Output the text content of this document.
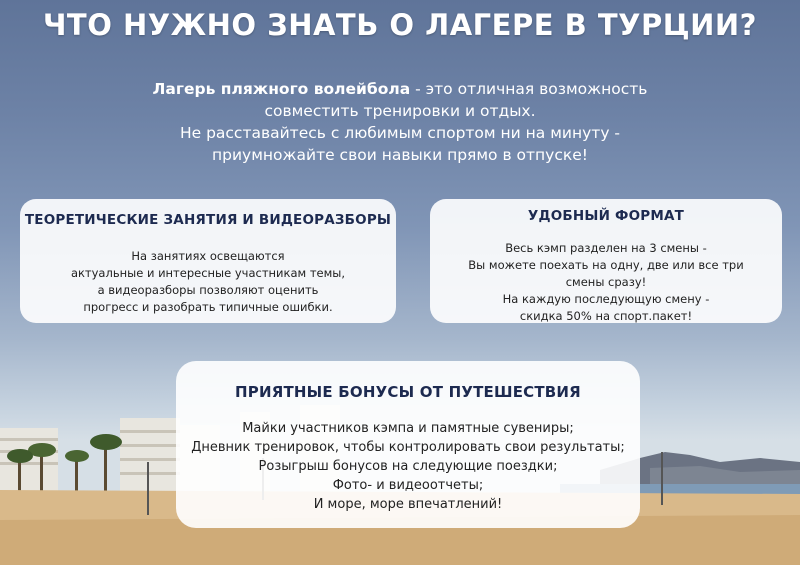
ЧТО НУЖНО ЗНАТЬ О ЛАГЕРЕ В ТУРЦИИ?
Лагерь пляжного волейбола - это отличная возможность
совместить тренировки и отдых.
Не расставайтесь с любимым спортом ни на минуту -
приумножайте свои навыки прямо в отпуске!
ТЕОРЕТИЧЕСКИЕ ЗАНЯТИЯ И ВИДЕОРАЗБОРЫ

На занятиях освещаются
актуальные и интересные участникам темы,
а видеоразборы позволяют оценить
прогресс и разобрать типичные ошибки.

УДОБНЫЙ ФОРМАТ

Весь кэмп разделен на 3 смены -
Вы можете поехать на одну, две или все три
смены сразу!
На каждую последующую смену -
скидка 50% на спорт.пакет!

ПРИЯТНЫЕ БОНУСЫ ОТ ПУТЕШЕСТВИЯ

Майки участников кэмпа и памятные сувениры;
Дневник тренировок, чтобы контролировать свои результаты;
Розыгрыш бонусов на следующие поездки;
Фото- и видеоотчеты;
И море, море впечатлений!
